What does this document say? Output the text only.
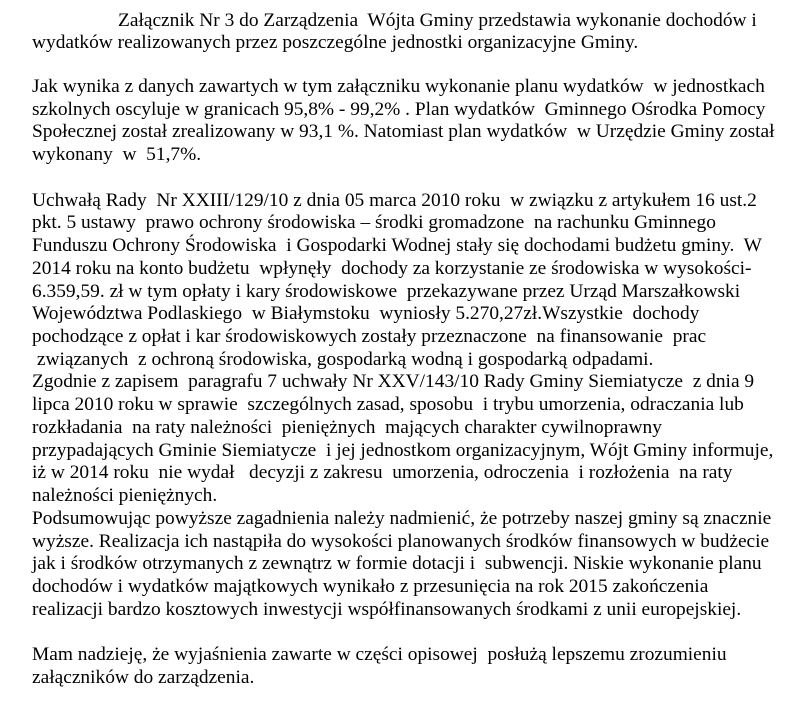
Załącznik Nr 3 do Zarządzenia  Wójta Gminy przedstawia wykonanie dochodów i
wydatków realizowanych przez poszczególne jednostki organizacyjne Gminy.
Jak wynika z danych zawartych w tym załączniku wykonanie planu wydatków  w jednostkach
szkolnych oscyluje w granicach 95,8% - 99,2% . Plan wydatków  Gminnego Ośrodka Pomocy
Społecznej został zrealizowany w 93,1 %. Natomiast plan wydatków  w Urzędzie Gminy został
wykonany  w  51,7%.
Uchwałą Rady  Nr XXIII/129/10 z dnia 05 marca 2010 roku  w związku z artykułem 16 ust.2
pkt. 5 ustawy  prawo ochrony środowiska – środki gromadzone  na rachunku Gminnego
Funduszu Ochrony Środowiska  i Gospodarki Wodnej stały się dochodami budżetu gminy.  W
2014 roku na konto budżetu  wpłynęły  dochody za korzystanie ze środowiska w wysokości-
6.359,59. zł w tym opłaty i kary środowiskowe  przekazywane przez Urząd Marszałkowski
Województwa Podlaskiego  w Białymstoku  wyniosły 5.270,27zł.Wszystkie  dochody
pochodzące z opłat i kar środowiskowych zostały przeznaczone  na finansowanie  prac
związanych  z ochroną środowiska, gospodarką wodną i gospodarką odpadami.
Zgodnie z zapisem  paragrafu 7 uchwały Nr XXV/143/10 Rady Gminy Siemiatycze  z dnia 9
lipca 2010 roku w sprawie  szczególnych zasad, sposobu  i trybu umorzenia, odraczania lub
rozkładania  na raty należności  pieniężnych  mających charakter cywilnoprawny
przypadających Gminie Siemiatycze  i jej jednostkom organizacyjnym, Wójt Gminy informuje,
iż w 2014 roku  nie wydał   decyzji z zakresu  umorzenia, odroczenia  i rozłożenia  na raty
należności pieniężnych.
Podsumowując powyższe zagadnienia należy nadmienić, że potrzeby naszej gminy są znacznie
wyższe. Realizacja ich nastąpiła do wysokości planowanych środków finansowych w budżecie
jak i środków otrzymanych z zewnątrz w formie dotacji i  subwencji. Niskie wykonanie planu
dochodów i wydatków majątkowych wynikało z przesunięcia na rok 2015 zakończenia
realizacji bardzo kosztowych inwestycji współfinansowanych środkami z unii europejskiej.
Mam nadzieję, że wyjaśnienia zawarte w części opisowej  posłużą lepszemu zrozumieniu
załączników do zarządzenia.
